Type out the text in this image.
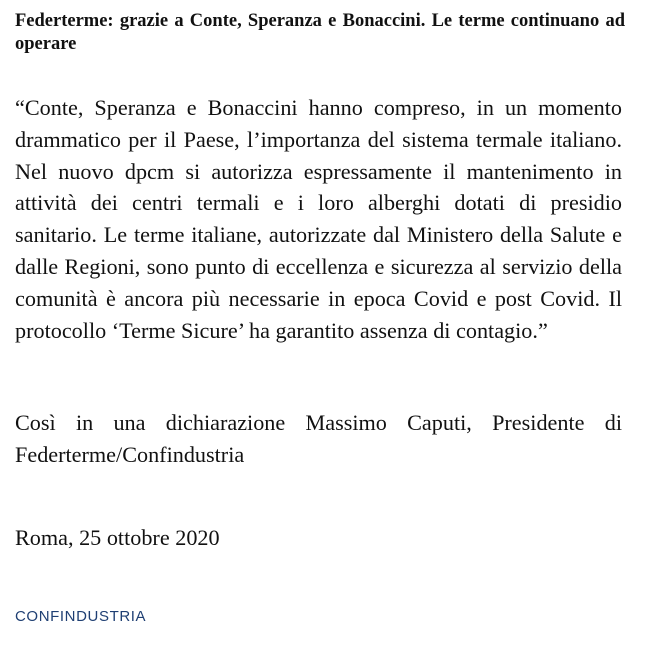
Federterme: grazie a Conte, Speranza e Bonaccini. Le terme continuano ad operare

“Conte, Speranza e Bonaccini hanno compreso, in un momento drammatico per il Paese, l’importanza del sistema termale italiano. Nel nuovo dpcm si autorizza espressamente il mantenimento in attività dei centri termali e i loro alberghi dotati di presidio sanitario. Le terme italiane, autorizzate dal Ministero della Salute e dalle Regioni, sono punto di eccellenza e sicurezza al servizio della comunità è ancora più necessarie in epoca Covid e post Covid. Il protocollo ‘Terme Sicure’ ha garantito assenza di contagio.”

Così in una dichiarazione Massimo Caputi, Presidente di Federterme/Confindustria

Roma, 25 ottobre 2020

CONFINDUSTRIA
